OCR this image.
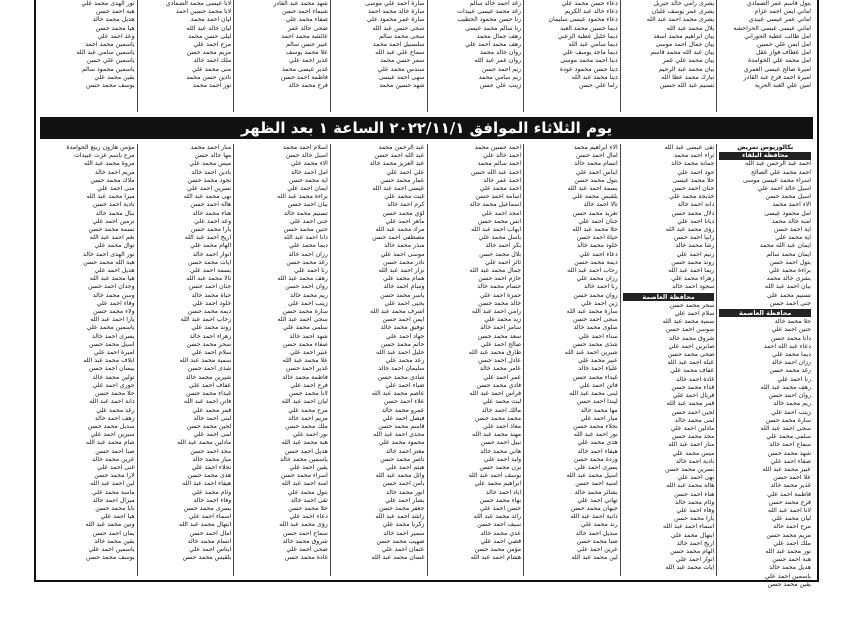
بتول قاسم عمر الصمادي
اماني ايمن احمد عزام
اماني عمر عيسى عبيدي
اماني عيسى عيسى الحراحشة
امل طالب عطية الحوراني
امل ايمن علي حسين
امل عطاف فواز عقل
امل محمد علي الحوامدة
اميرة صالح عيسى العمري
اميرة احمد فرح عبد القادر
امين علي العبد الحرية
بشرى رامي خالد جبريل
بشرى عمر يوسف عليان
بشرى محمد احمد عبد الله
بلال محمد عبد الله
بيان ابراهيم محمد اسعد
بيان جمال احمد موسى
بيان عبد الله محمد قاسم
بيان محمد علي عمر
بيان محمد عبد الرحيم
تبارك محمد عطا الله
تسنيم عبد الله حسين
دعاء حسن محمد علي
دعاء خالد عبد الكريم
دعاء محمود عيسى سليمان
ديما حسين محمد العبد
ديما خليل عطية الزعبي
ديما سامي عبد الله
ديما ماجد يوسف علي
دينا احمد محمد موسى
دينا حسن محمود عودة
دينا محمد عبد الله
راما علي حسن
رغد احمد خالد سالم
رغد محمد عيسى عبيدات
رنا حسن محمود الخطيب
رنا سالم محمد عيسى
رهف جمال محمد
رهف محمد احمد علي
روان خالد محمد
روان عمر عبد الله
ريم احمد حسن
ريم سامي محمد
زينب علي حسن
سارة احمد علي موسى
سارة خالد محمد احمد
سارة عمر محمود علي
سجى حسن عبد الله
سجى محمد سالم
سلسبيل احمد محمد
سماح علي عبد الله
سمر حسن محمد
سندس محمد علي
سهى احمد عيسى
شهد حسين محمد
شهد محمد عبد القادر
شيماء احمد حسن
صفاء محمد علي
ضحى خالد عمر
عائشة محمد احمد
عبير حسن سالم
علا محمد يوسف
غدير احمد علي
غدير عيسى محمد
فاطمة احمد حسن
فرح محمد خالد
لانا عيسى محمد الصمادي
لانا محمد حسين احمد
ليان احمد محمد
ليان خالد عبد الله
ليلى حسن محمد
مرح احمد علي
مريم محمد حسن
ملك احمد خالد
منى محمد علي
نادين حسن محمد
نور احمد محمد
نور الهدى محمد علي
هبة احمد حسن
هديل محمد خالد
هيا محمد حسن
وعد احمد علي
ياسمين محمد احمد
ياسمين سامي عبد الله
ياسمين علي حسن
ياسمين محمود سالم
يقين محمد علي
يوسف محمد حسن
يوم الثلاثاء الموافق ٢٠٢٢/١١/١ الساعة ١ بعد الظهر
بكالوريوس تمريض
محافظة البلقاء
احمد عبد الرحمن عبد الله
احمد محمد علي الصالح
اسراء محمد عيسى موسى
اسيل خالد احمد علي
اسيل محمد حسن
الاء احمد محمد
امل محمود عيسى
امنة خالد محمد
اية احمد حسن
اية محمد علي
ايمان عبد الله محمد
ايمان محمد سالم
بتول احمد حسن
براءة محمد علي
بشرى خالد محمد
بيان احمد عبد الله
تسنيم محمد علي
جنى احمد حسن
محافظة العاصمة
حلا محمد خالد
حنين احمد علي
دانا محمد حسن
دعاء عبد الله احمد
ديما محمد علي
رزان احمد خالد
رغد محمد حسن
رنا احمد علي
رهف محمد عبد الله
روان احمد حسن
ريم محمد خالد
زينب احمد علي
سارة محمد حسن
سجى احمد عبد الله
سلمى محمد علي
سماح احمد خالد
شهد محمد حسن
صفاء احمد علي
عبير محمد عبد الله
علا احمد حسن
غدير محمد خالد
فاطمة احمد علي
فرح محمد حسن
لانا احمد عبد الله
ليان محمد علي
مرح احمد خالد
مريم محمد حسن
ملك احمد علي
نور محمد عبد الله
هبة احمد حسن
هديل محمد خالد
ياسمين احمد علي
يقين محمد حسن
تقى عيسى عبد الله
ثراء احمد محمد
جمانة محمد خالد
جود احمد علي
حلا محمد عيسى
حنان احمد حسن
خديجة محمد علي
دانة احمد خالد
دلال محمد حسن
ديانا احمد علي
رؤى محمد عبد الله
رانيا احمد حسن
رشا محمد خالد
رنيم احمد علي
روند محمد حسن
ريما احمد عبد الله
زهراء محمد علي
سجود احمد خالد
محافظة العاصمة
سحر محمد حسن
سلام احمد علي
سمية محمد عبد الله
سوسن احمد حسن
شروق محمد خالد
صابرين احمد علي
ضحى محمد حسن
عبلة احمد عبد الله
عفاف محمد علي
غادة احمد خالد
فداء محمد حسن
فريال احمد علي
قمر محمد عبد الله
لجين احمد حسن
لمى محمد خالد
مادلين احمد علي
مجد محمد حسن
منار احمد عبد الله
ميس محمد علي
نادية احمد خالد
نسرين محمد حسن
نهى احمد علي
هالة محمد عبد الله
هناء احمد حسن
وئام محمد خالد
وفاء احمد علي
يارا محمد حسن
اسماء احمد عبد الله
ابتهال محمد علي
اريج احمد خالد
الهام محمد حسن
انوار احمد علي
ايات محمد عبد الله
الاء ابراهيم محمد
امال احمد حسن
انسام محمد خالد
ايناس احمد علي
بتول محمد حسن
بسمة احمد عبد الله
بلقيس محمد علي
تالا احمد خالد
تغريد محمد حسن
جنان احمد علي
حلا محمد عبد الله
حياة احمد حسن
خلود محمد خالد
دعاء احمد علي
ديمة محمد حسن
رحاب احمد عبد الله
رزان محمد علي
رنا احمد خالد
روان محمد حسن
زين احمد علي
سارة محمد عبد الله
سجى احمد حسن
سلوى محمد خالد
سناء احمد علي
شذى محمد حسن
شيرين احمد عبد الله
عبير محمد علي
علياء احمد خالد
غيداء محمد حسن
فاتن احمد علي
لبنى محمد عبد الله
ليندا احمد حسن
مها محمد خالد
ميار احمد علي
نجلاء محمد حسن
نور احمد عبد الله
هدى محمد علي
هيفاء احمد خالد
وردة محمد حسن
يسرى احمد علي
اسيل محمد عبد الله
امنية احمد حسن
بشائر محمد خالد
تهاني احمد علي
جيهان محمد حسن
دانية احمد عبد الله
رند محمد علي
سديل احمد خالد
صبا محمد حسن
عرين احمد علي
لين محمد عبد الله
احمد حسين محمد
احمد خالد علي
احمد سالم محمد
احمد عبد الله حسن
احمد عمر خالد
احمد محمد علي
اسامة احمد حسن
اسماعيل محمد خالد
امجد احمد علي
انس محمد حسن
ايهاب احمد عبد الله
باسل محمد علي
بكر احمد خالد
بلال محمد حسن
ثائر احمد علي
جمال محمد عبد الله
حازم احمد حسن
حسام محمد خالد
حمزة احمد علي
خالد محمد حسن
رامي احمد عبد الله
زيد محمد علي
سامر احمد خالد
سعد محمد حسن
صالح احمد علي
طارق محمد عبد الله
عادل احمد حسن
عامر محمد خالد
عمر احمد علي
فادي محمد حسن
فراس احمد عبد الله
ليث محمد علي
مالك احمد خالد
محمد محمد حسن
معاذ احمد علي
مهند محمد عبد الله
نبيل احمد حسن
هاني محمد خالد
وليد احمد علي
يزن محمد حسن
يوسف احمد عبد الله
ابراهيم محمد علي
اياد احمد خالد
بهاء محمد حسن
حسن احمد علي
رائد محمد عبد الله
سيف احمد حسن
عدي محمد خالد
قصي احمد علي
مؤمن محمد حسن
هشام احمد عبد الله
عبد الرحمن محمد
عبد الله احمد حسن
عبد العزيز محمد خالد
علي احمد علي
عمار محمد حسن
عيسى احمد عبد الله
غيث محمد علي
كرم احمد خالد
لؤي محمد حسن
ماهر احمد علي
مراد محمد عبد الله
مصطفى احمد حسن
منذر محمد خالد
موسى احمد علي
نادر محمد حسن
نزار احمد عبد الله
همام محمد علي
وسام احمد خالد
ياسر محمد حسن
يحيى احمد علي
اشرف محمد عبد الله
ايمن احمد حسن
توفيق محمد خالد
جهاد احمد علي
حاتم محمد حسن
خليل احمد عبد الله
رعد محمد علي
سليمان احمد خالد
شادي محمد حسن
ضياء احمد علي
عاصم محمد عبد الله
علاء احمد حسن
عمرو محمد خالد
فيصل احمد علي
قاسم محمد حسن
مجدي احمد عبد الله
محمود محمد علي
معتز احمد خالد
ناصر محمد حسن
هيثم احمد علي
وائل محمد عبد الله
يامن احمد حسن
انور محمد خالد
بشار احمد علي
جعفر محمد حسن
راشد احمد عبد الله
زكريا محمد علي
سمير احمد خالد
صهيب محمد حسن
عثمان احمد علي
غسان محمد عبد الله
اسلام احمد محمد
اسيل خالد حسن
الاء محمد علي
امل احمد خالد
اية محمد حسن
ايمان احمد علي
براءة محمد عبد الله
بيان احمد حسن
تسنيم محمد خالد
جنى احمد علي
حنين محمد حسن
دانا احمد عبد الله
ديما محمد علي
رزان احمد خالد
رغد محمد حسن
رنا احمد علي
رهف محمد عبد الله
روان احمد حسن
ريم محمد خالد
زينب احمد علي
سارة محمد حسن
سجى احمد عبد الله
سلمى محمد علي
شهد احمد خالد
صفاء محمد حسن
عبير احمد علي
علا محمد عبد الله
غدير احمد حسن
فاطمة محمد خالد
فرح احمد علي
لانا محمد حسن
ليان احمد عبد الله
مرح محمد علي
مريم احمد خالد
ملك محمد حسن
نور احمد علي
هبة محمد عبد الله
هديل احمد حسن
ياسمين محمد خالد
يقين احمد علي
اسراء محمد حسن
امنة احمد عبد الله
بتول محمد علي
تقى احمد خالد
حلا محمد حسن
دعاء احمد علي
رؤى محمد عبد الله
سماح احمد حسن
شروق محمد خالد
ضحى احمد علي
غادة محمد حسن
منار احمد محمد
مها خالد حسن
ميس محمد علي
نادين احمد خالد
نجود محمد حسن
نسرين احمد علي
نهى محمد عبد الله
هالة احمد حسن
هناء محمد خالد
وعد احمد علي
يارا محمد حسن
اريج احمد عبد الله
الهام محمد علي
انوار احمد خالد
ايات محمد حسن
بسمة احمد علي
تالا محمد عبد الله
جنان احمد حسن
حياة محمد خالد
خلود احمد علي
ديمة محمد حسن
رحاب احمد عبد الله
روند محمد علي
زهراء احمد خالد
سحر محمد حسن
سلام احمد علي
سمية محمد عبد الله
شذى احمد حسن
شيرين محمد خالد
عفاف احمد علي
غيداء محمد حسن
فاتن احمد عبد الله
قمر محمد علي
لبنى احمد خالد
لجين محمد حسن
لمى احمد علي
مادلين محمد عبد الله
مجد احمد حسن
ميار محمد خالد
نجلاء احمد علي
هدى محمد حسن
هيفاء احمد عبد الله
وئام محمد علي
وفاء احمد خالد
يسرى محمد حسن
اسماء احمد علي
ابتهال محمد عبد الله
امال احمد حسن
انسام محمد خالد
ايناس احمد علي
بلقيس محمد حسن
مؤمن هارون ربيع الحوامدة
مرح باسم عزت عبيدات
مروة محمد عبد الله
مريم احمد خالد
ملاك محمد حسن
منى احمد علي
ميرا محمد عبد الله
نادية احمد حسن
نبال محمد خالد
نرمين احمد علي
نسمة محمد حسن
نغم احمد عبد الله
نوال محمد علي
نور الهدى احمد خالد
هبة الله محمد حسن
هديل احمد علي
هيا محمد عبد الله
وجدان احمد حسن
وسن محمد خالد
وفاء احمد علي
ولاء محمد حسن
يارا احمد عبد الله
ياسمين محمد علي
يسرى احمد خالد
اسيل محمد حسن
اميرة احمد علي
ايلاف محمد عبد الله
بيسان احمد حسن
تولين محمد خالد
جوري احمد علي
حلا محمد حسن
دانة احمد عبد الله
رغد محمد علي
رهف احمد خالد
سديل محمد حسن
سيرين احمد علي
شام محمد عبد الله
صبا احمد حسن
عرين محمد خالد
غنى احمد علي
لارا محمد حسن
لين احمد عبد الله
ماسة محمد علي
ميرال احمد خالد
نايا محمد حسن
هيا احمد علي
وتين محمد عبد الله
يمان احمد حسن
يقين محمد خالد
ياسمين احمد علي
يوسف محمد حسن
